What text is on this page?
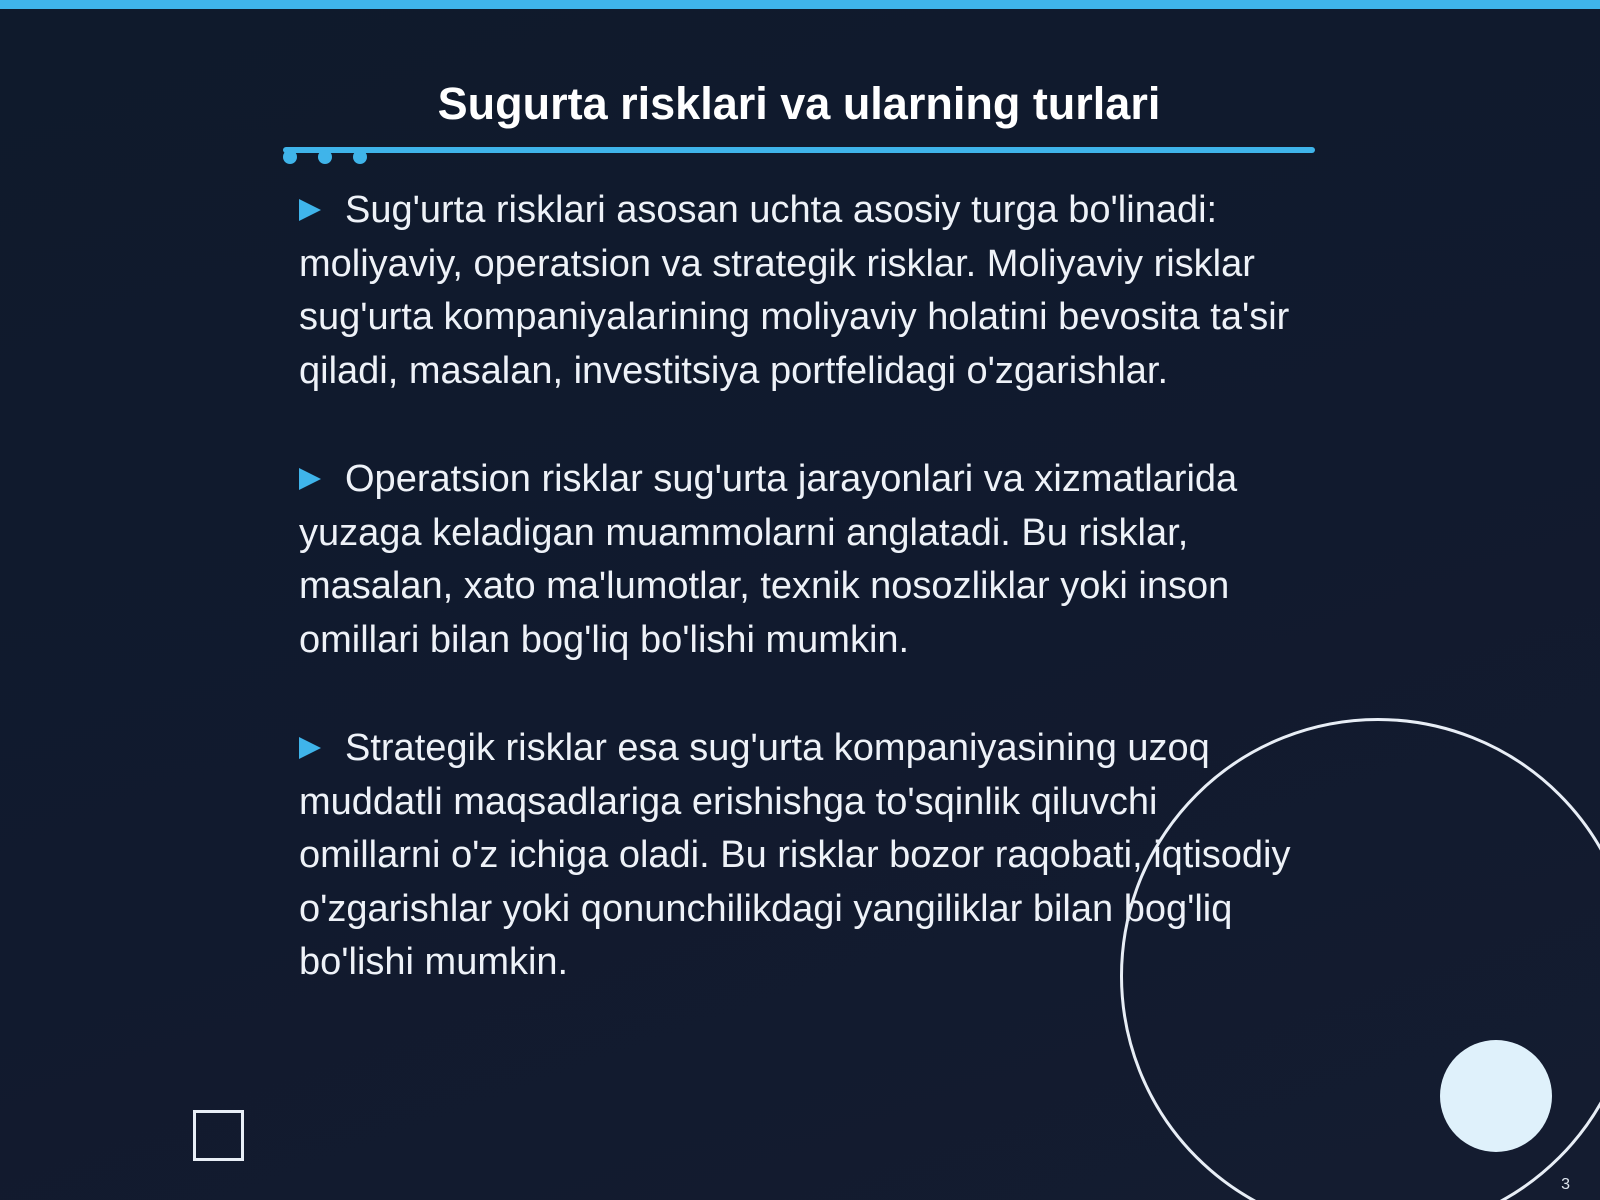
Sugurta risklari va ularning turlari

Sug'urta risklari asosan uchta asosiy turga bo'linadi: moliyaviy, operatsion va strategik risklar. Moliyaviy risklar sug'urta kompaniyalarining moliyaviy holatini bevosita ta'sir qiladi, masalan, investitsiya portfelidagi o'zgarishlar.

Operatsion risklar sug'urta jarayonlari va xizmatlarida yuzaga keladigan muammolarni anglatadi. Bu risklar, masalan, xato ma'lumotlar, texnik nosozliklar yoki inson omillari bilan bog'liq bo'lishi mumkin.

Strategik risklar esa sug'urta kompaniyasining uzoq muddatli maqsadlariga erishishga to'sqinlik qiluvchi omillarni o'z ichiga oladi. Bu risklar bozor raqobati, iqtisodiy o'zgarishlar yoki qonunchilikdagi yangiliklar bilan bog'liq bo'lishi mumkin.

3
